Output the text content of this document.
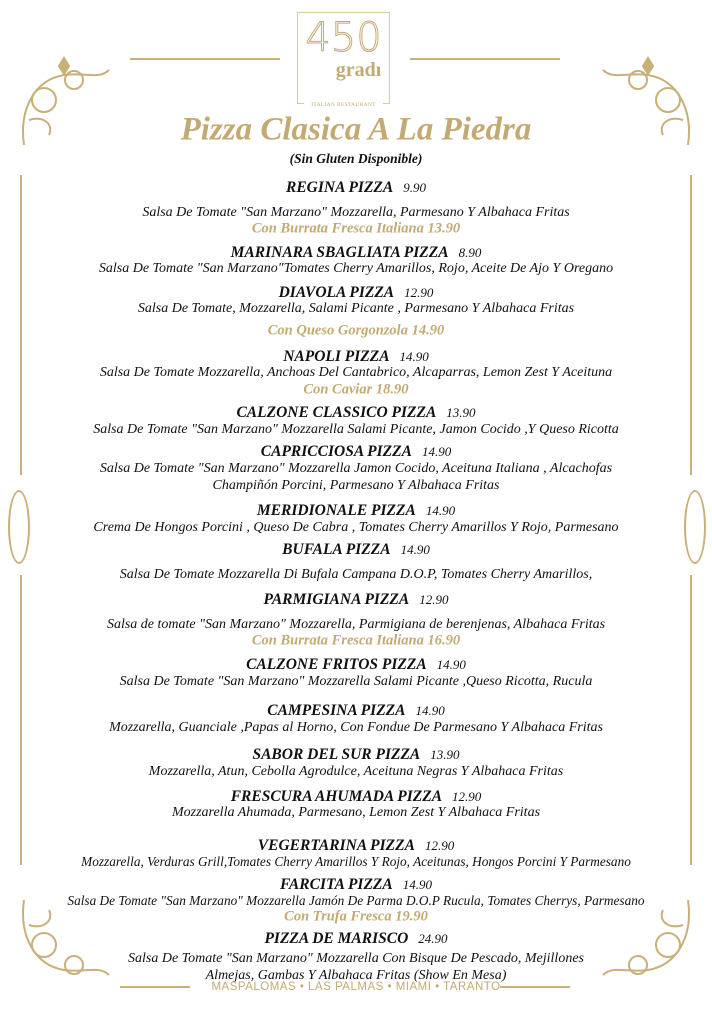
450
gradı
ITALIAN RESTAURANT
Pizza Clasica A La Piedra
(Sin Gluten Disponible)
REGINA PIZZA 9.90
Salsa De Tomate "San Marzano" Mozzarella, Parmesano Y Albahaca Fritas
Con Burrata Fresca Italiana 13.90
MARINARA SBAGLIATA PIZZA 8.90
Salsa De Tomate "San Marzano"Tomates Cherry Amarillos, Rojo, Aceite De Ajo Y Oregano
DIAVOLA PIZZA 12.90
Salsa De Tomate, Mozzarella, Salami Picante , Parmesano Y Albahaca Fritas
Con Queso Gorgonzola 14.90
NAPOLI PIZZA 14.90
Salsa De Tomate Mozzarella, Anchoas Del Cantabrico, Alcaparras, Lemon Zest Y Aceituna
Con Caviar 18.90
CALZONE CLASSICO PIZZA 13.90
Salsa De Tomate "San Marzano" Mozzarella Salami Picante, Jamon Cocido ,Y Queso Ricotta
CAPRICCIOSA PIZZA 14.90
Salsa De Tomate "San Marzano" Mozzarella Jamon Cocido, Aceituna Italiana , Alcachofas
Champiñón Porcini, Parmesano Y Albahaca Fritas
MERIDIONALE PIZZA 14.90
Crema De Hongos Porcini , Queso De Cabra , Tomates Cherry Amarillos Y Rojo, Parmesano
BUFALA PIZZA 14.90
Salsa De Tomate Mozzarella Di Bufala Campana D.O.P, Tomates Cherry Amarillos,
PARMIGIANA PIZZA 12.90
Salsa de tomate "San Marzano" Mozzarella, Parmigiana de berenjenas, Albahaca Fritas
Con Burrata Fresca Italiana 16.90
CALZONE FRITOS PIZZA 14.90
Salsa De Tomate "San Marzano" Mozzarella Salami Picante ,Queso Ricotta, Rucula
CAMPESINA PIZZA 14.90
Mozzarella, Guanciale ,Papas al Horno, Con Fondue De Parmesano Y Albahaca Fritas
SABOR DEL SUR PIZZA 13.90
Mozzarella, Atun, Cebolla Agrodulce, Aceituna Negras Y Albahaca Fritas
FRESCURA AHUMADA PIZZA 12.90
Mozzarella Ahumada, Parmesano, Lemon Zest Y Albahaca Fritas
VEGERTARINA PIZZA 12.90
Mozzarella, Verduras Grill,Tomates Cherry Amarillos Y Rojo, Aceitunas, Hongos Porcini Y Parmesano
FARCITA PIZZA 14.90
Salsa De Tomate "San Marzano" Mozzarella Jamón De Parma D.O.P Rucula, Tomates Cherrys, Parmesano
Con Trufa Fresca 19.90
PIZZA DE MARISCO 24.90
Salsa De Tomate "San Marzano" Mozzarella Con Bisque De Pescado, Mejillones
Almejas, Gambas Y Albahaca Fritas (Show En Mesa)
MASPALOMAS • LAS PALMAS • MIAMI • TARANTO
